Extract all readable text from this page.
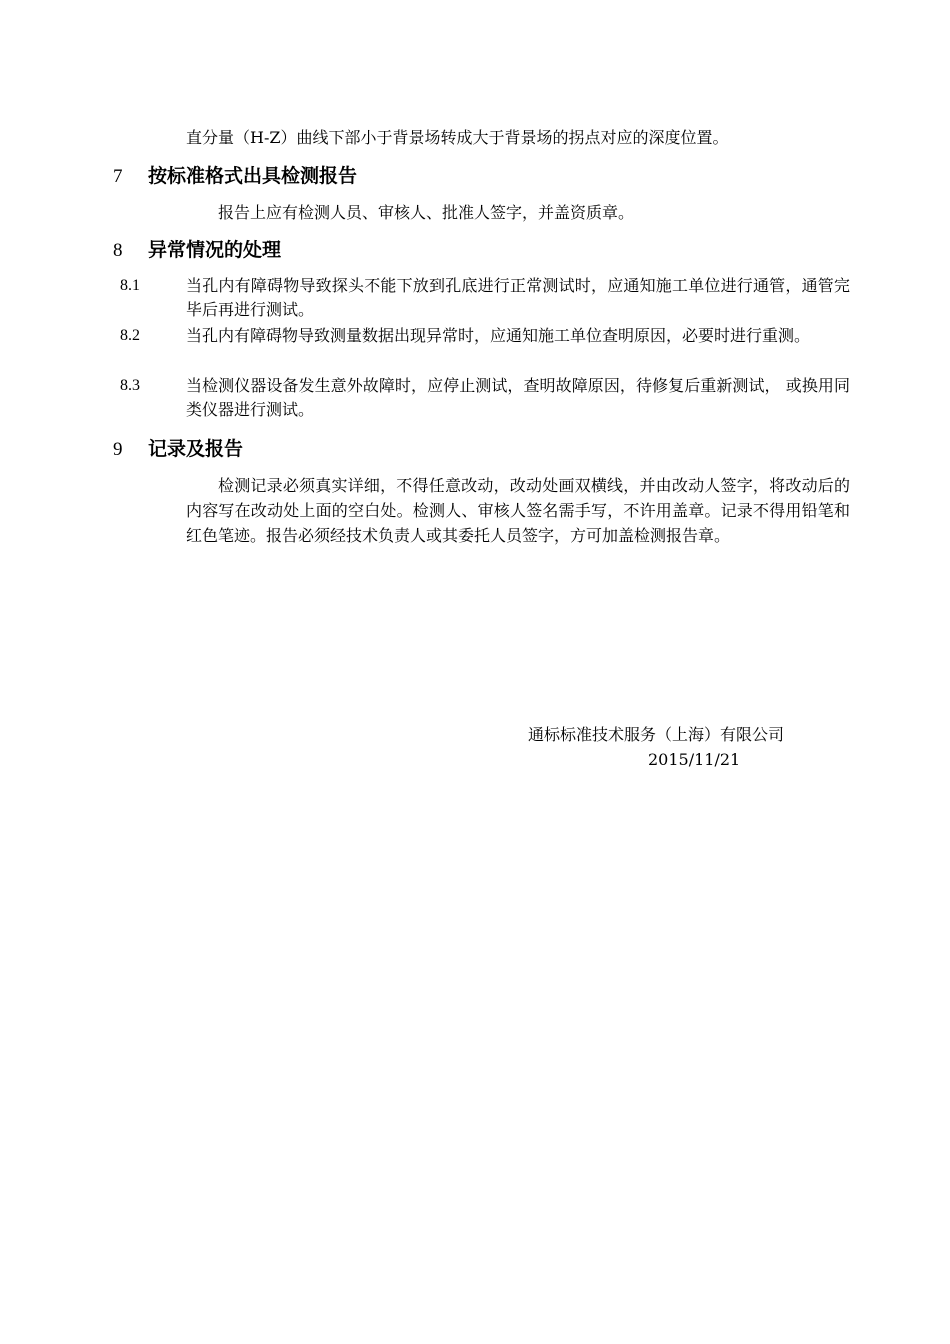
直分量（H-Z）曲线下部小于背景场转成大于背景场的拐点对应的深度位置。
7 按标准格式出具检测报告
报告上应有检测人员、审核人、批准人签字，并盖资质章。
8 异常情况的处理
8.1	当孔内有障碍物导致探头不能下放到孔底进行正常测试时，应通知施工单位进行通管，通管完毕后再进行测试。
8.2	当孔内有障碍物导致测量数据出现异常时，应通知施工单位查明原因，必要时进行重测。
8.3	当检测仪器设备发生意外故障时，应停止测试，查明故障原因，待修复后重新测试， 或换用同类仪器进行测试。
9 记录及报告
检测记录必须真实详细，不得任意改动，改动处画双横线，并由改动人签字，将改动后的内容写在改动处上面的空白处。检测人、审核人签名需手写，不许用盖章。记录不得用铅笔和红色笔迹。报告必须经技术负责人或其委托人员签字，方可加盖检测报告章。
通标标准技术服务（上海）有限公司
2015/11/21
